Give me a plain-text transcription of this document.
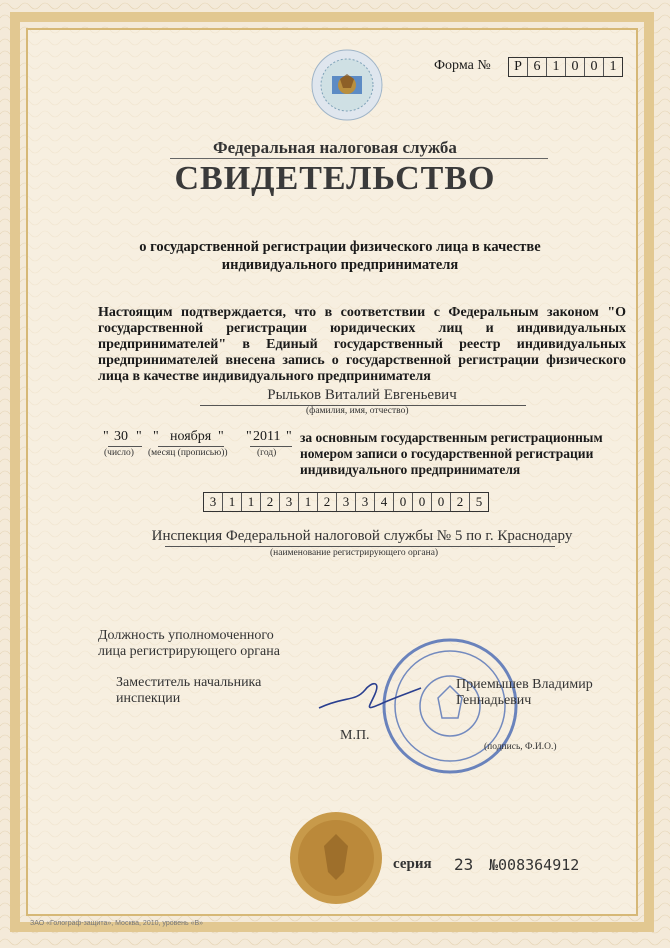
Форма №	Р 6 1 0 0 1
Федеральная налоговая служба
СВИДЕТЕЛЬСТВО
о государственной регистрации физического лица в качестве
индивидуального предпринимателя
Настоящим подтверждается, что в соответствии с Федеральным законом "О государственной регистрации юридических лиц и индивидуальных предпринимателей" в Единый государственный реестр индивидуальных предпринимателей внесена запись о государственной регистрации физического лица в качестве индивидуального предпринимателя
Рыльков Виталий Евгеньевич
(фамилия, имя, отчество)
" 30 " " ноября " " 2011 "
(число) (месяц (прописью))	(год)
за основным государственным регистрационным номером записи о государственной регистрации индивидуального предпринимателя
3 1 1 2 3 1 2 3 3 4 0 0 0 2 5
Инспекция Федеральной налоговой службы № 5 по г. Краснодару
(наименование регистрирующего органа)
Должность уполномоченного
лица регистрирующего органа
Заместитель начальника
инспекции
Приемышев Владимир
Геннадьевич
М.П.
(подпись, Ф.И.О.)
серия 23 №008364912
ЗАО «Голограф-защита», Москва, 2010, уровень «В»
